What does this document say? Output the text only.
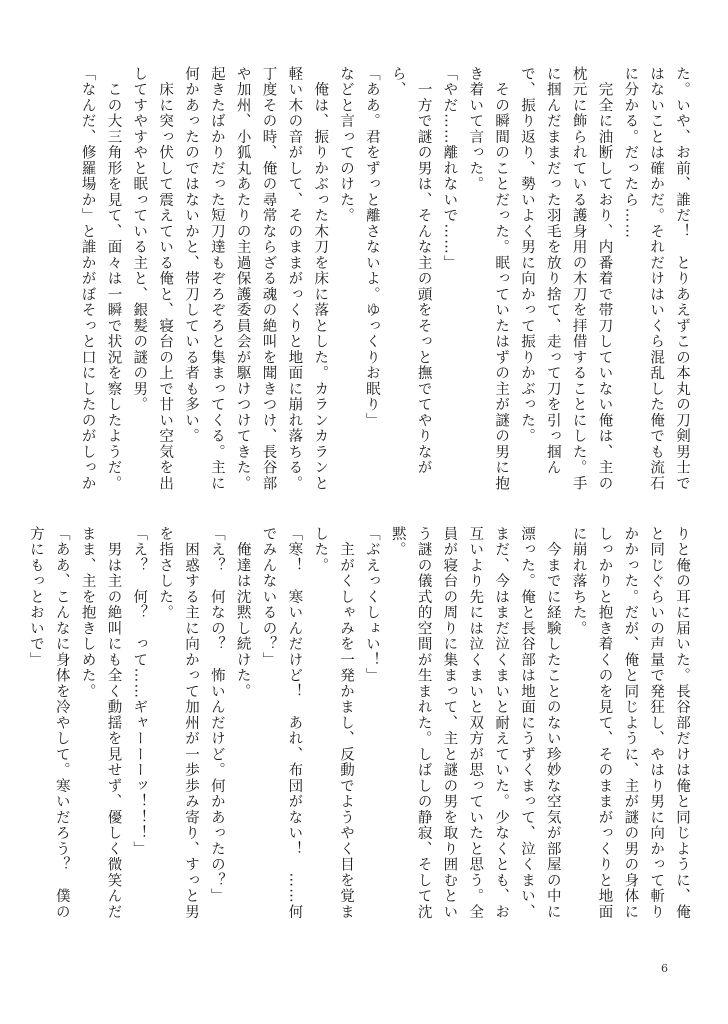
た。いや、お前、誰だ！　とりあえずこの本丸の刀剣男士ではないことは確かだ。それだけはいくら混乱した俺でも流石に分かる。だったら……

　完全に油断しており、内番着で帯刀していない俺は、主の枕元に飾られている護身用の木刀を拝借することにした。手に掴んだままだった羽毛を放り捨て、走って刀を引っ掴んで、振り返り、勢いよく男に向かって振りかぶった。

　その瞬間のことだった。眠っていたはずの主が謎の男に抱き着いて言った。

「やだ……離れないで……」

　一方で謎の男は、そんな主の頭をそっと撫でてやりながら、

「ああ。君をずっと離さないよ。ゆっくりお眠り」

などと言ってのけた。

　俺は、振りかぶった木刀を床に落とした。カランカランと軽い木の音がして、そのままがっくりと地面に崩れ落ちる。

丁度その時、俺の尋常ならざる魂の絶叫を聞きつけ、長谷部や加州、小狐丸あたりの主過保護委員会が駆けつけてきた。起きたばかりだった短刀達もぞろぞろと集まってくる。主に何かあったのではないかと、帯刀している者も多い。

　床に突っ伏して震えている俺と、寝台の上で甘い空気を出してすやすやと眠っている主と、銀髪の謎の男。

　この大三角形を見て、面々は一瞬で状況を察したようだ。

「なんだ、修羅場か」と誰かがぼそっと口にしたのがしっか

りと俺の耳に届いた。長谷部だけは俺と同じように、俺と同じぐらいの声量で発狂し、やはり男に向かって斬りかかった。だが、俺と同じように、主が謎の男の身体にしっかりと抱き着くのを見て、そのままがっくりと地面に崩れ落ちた。

　今までに経験したことのない珍妙な空気が部屋の中に漂った。俺と長谷部は地面にうずくまって、泣くまい、まだ、今はまだ泣くまいと耐えていた。少なくとも、お互いより先には泣くまいと双方が思っていたと思う。全員が寝台の周りに集まって、主と謎の男を取り囲むという謎の儀式的空間が生まれた。しばしの静寂、そして沈黙。

「ぶえっくしょい！」

　主がくしゃみを一発かまし、反動でようやく目を覚ました。

「寒！　寒いんだけど！　あれ、布団がない！　……何でみんないるの？」

　俺達は沈黙し続けた。

「え？　何なの？　怖いんだけど。何かあったの？」

　困惑する主に向かって加州が一歩歩み寄り、すっと男を指さした。

「え？　何？　って……ギャーーーッ！！！」

　男は主の絶叫にも全く動揺を見せず、優しく微笑んだまま、主を抱きしめた。

「ああ、こんなに身体を冷やして。寒いだろう？　僕の方にもっとおいで」

6
